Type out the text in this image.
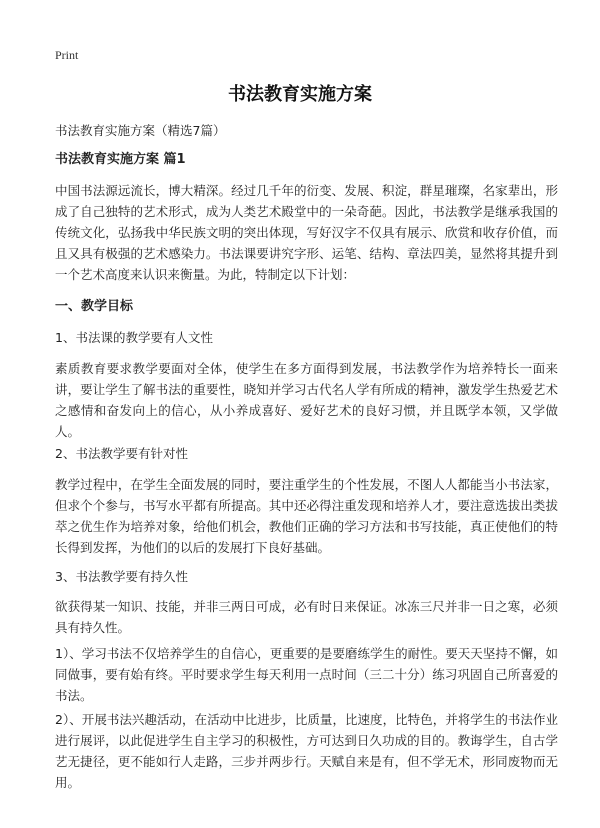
Print
书法教育实施方案

书法教育实施方案（精选7篇）

书法教育实施方案 篇1

中国书法源远流长，博大精深。经过几千年的衍变、发展、积淀，群星璀璨，名家辈出，形成了自己独特的艺术形式，成为人类艺术殿堂中的一朵奇葩。因此，书法教学是继承我国的传统文化，弘扬我中华民族文明的突出体现，写好汉字不仅具有展示、欣赏和收存价值，而且又具有极强的艺术感染力。书法课要讲究字形、运笔、结构、章法四美，显然将其提升到一个艺术高度来认识来衡量。为此，特制定以下计划：

一、教学目标

1、书法课的教学要有人文性

素质教育要求教学要面对全体，使学生在多方面得到发展，书法教学作为培养特长一面来讲，要让学生了解书法的重要性，晓知并学习古代名人学有所成的精神，激发学生热爱艺术之感情和奋发向上的信心，从小养成喜好、爱好艺术的良好习惯，并且既学本领，又学做人。

2、书法教学要有针对性

教学过程中，在学生全面发展的同时，要注重学生的个性发展，不图人人都能当小书法家，但求个个参与，书写水平都有所提高。其中还必得注重发现和培养人才，要注意选拔出类拔萃之优生作为培养对象，给他们机会，教他们正确的学习方法和书写技能，真正使他们的特长得到发挥，为他们的以后的发展打下良好基础。

3、书法教学要有持久性

欲获得某一知识、技能，并非三两日可成，必有时日来保证。冰冻三尺并非一日之寒，必须具有持久性。

1）、学习书法不仅培养学生的自信心，更重要的是要磨练学生的耐性。要天天坚持不懈，如同做事，要有始有终。平时要求学生每天利用一点时间（三二十分）练习巩固自己所喜爱的书法。

2）、开展书法兴趣活动，在活动中比进步，比质量，比速度，比特色，并将学生的书法作业进行展评，以此促进学生自主学习的积极性，方可达到日久功成的目的。教诲学生，自古学艺无捷径，更不能如行人走路，三步并两步行。天赋自来是有，但不学无术，形同废物而无用。
